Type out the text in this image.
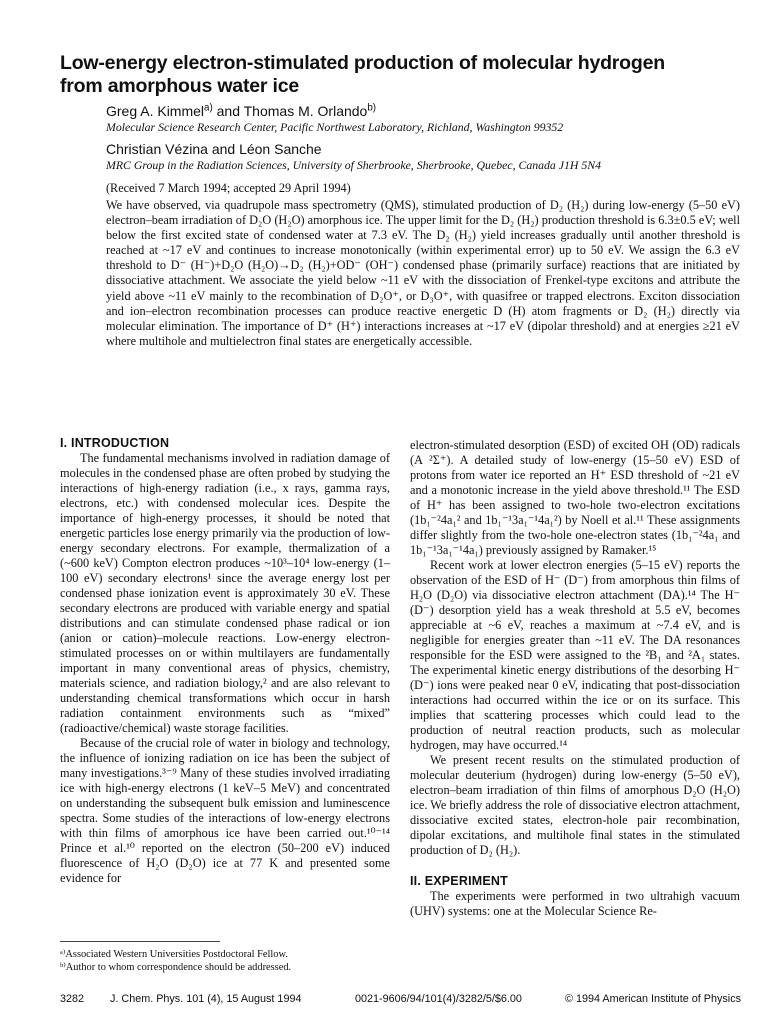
Low-energy electron-stimulated production of molecular hydrogen from amorphous water ice
Greg A. Kimmel$^{a)}$ and Thomas M. Orlando$^{b)}$
Molecular Science Research Center, Pacific Northwest Laboratory, Richland, Washington 99352
Christian Vézina and Léon Sanche
MRC Group in the Radiation Sciences, University of Sherbrooke, Sherbrooke, Quebec, Canada J1H 5N4
(Received 7 March 1994; accepted 29 April 1994)
We have observed, via quadrupole mass spectrometry (QMS), stimulated production of D₂ (H₂) during low-energy (5–50 eV) electron–beam irradiation of D₂O (H₂O) amorphous ice. The upper limit for the D₂ (H₂) production threshold is 6.3±0.5 eV; well below the first excited state of condensed water at 7.3 eV. The D₂ (H₂) yield increases gradually until another threshold is reached at ~17 eV and continues to increase monotonically (within experimental error) up to 50 eV. We assign the 6.3 eV threshold to D⁻ (H⁻)+D₂O (H₂O)→D₂ (H₂)+OD⁻ (OH⁻) condensed phase (primarily surface) reactions that are initiated by dissociative attachment. We associate the yield below ~11 eV with the dissociation of Frenkel-type excitons and attribute the yield above ~11 eV mainly to the recombination of D₂O⁺, or D₃O⁺, with quasifree or trapped electrons. Exciton dissociation and ion–electron recombination processes can produce reactive energetic D (H) atom fragments or D₂ (H₂) directly via molecular elimination. The importance of D⁺ (H⁺) interactions increases at ~17 eV (dipolar threshold) and at energies ≥21 eV where multihole and multielectron final states are energetically accessible.

I. INTRODUCTION

The fundamental mechanisms involved in radiation damage of molecules in the condensed phase are often probed by studying the interactions of high-energy radiation (i.e., x rays, gamma rays, electrons, etc.) with condensed molecular ices. Despite the importance of high-energy processes, it should be noted that energetic particles lose energy primarily via the production of low-energy secondary electrons. For example, thermalization of a (~600 keV) Compton electron produces ~10³–10⁴ low-energy (1–100 eV) secondary electrons¹ since the average energy lost per condensed phase ionization event is approximately 30 eV. These secondary electrons are produced with variable energy and spatial distributions and can stimulate condensed phase radical or ion (anion or cation)–molecule reactions. Low-energy electron-stimulated processes on or within multilayers are fundamentally important in many conventional areas of physics, chemistry, materials science, and radiation biology,² and are also relevant to understanding chemical transformations which occur in harsh radiation containment environments such as “mixed” (radioactive/chemical) waste storage facilities.

Because of the crucial role of water in biology and technology, the influence of ionizing radiation on ice has been the subject of many investigations.³⁻⁹ Many of these studies involved irradiating ice with high-energy electrons (1 keV–5 MeV) and concentrated on understanding the subsequent bulk emission and luminescence spectra. Some studies of the interactions of low-energy electrons with thin films of amorphous ice have been carried out.¹⁰⁻¹⁴ Prince et al.¹⁰ reported on the electron (50–200 eV) induced fluorescence of H₂O (D₂O) ice at 77 K and presented some evidence for

electron-stimulated desorption (ESD) of excited OH (OD) radicals (A ²Σ⁺). A detailed study of low-energy (15–50 eV) ESD of protons from water ice reported an H⁺ ESD threshold of ~21 eV and a monotonic increase in the yield above threshold.¹¹ The ESD of H⁺ has been assigned to two-hole two-electron excitations (1b₁⁻²4a₁² and 1b₁⁻¹3a₁⁻¹4a₁²) by Noell et al.¹¹ These assignments differ slightly from the two-hole one-electron states (1b₁⁻²4a₁ and 1b₁⁻¹3a₁⁻¹4a₁) previously assigned by Ramaker.¹⁵

Recent work at lower electron energies (5–15 eV) reports the observation of the ESD of H⁻ (D⁻) from amorphous thin films of H₂O (D₂O) via dissociative electron attachment (DA).¹⁴ The H⁻ (D⁻) desorption yield has a weak threshold at 5.5 eV, becomes appreciable at ~6 eV, reaches a maximum at ~7.4 eV, and is negligible for energies greater than ~11 eV. The DA resonances responsible for the ESD were assigned to the ²B₁ and ²A₁ states. The experimental kinetic energy distributions of the desorbing H⁻ (D⁻) ions were peaked near 0 eV, indicating that post-dissociation interactions had occurred within the ice or on its surface. This implies that scattering processes which could lead to the production of neutral reaction products, such as molecular hydrogen, may have occurred.¹⁴

We present recent results on the stimulated production of molecular deuterium (hydrogen) during low-energy (5–50 eV), electron–beam irradiation of thin films of amorphous D₂O (H₂O) ice. We briefly address the role of dissociative electron attachment, dissociative excited states, electron-hole pair recombination, dipolar excitations, and multihole final states in the stimulated production of D₂ (H₂).

II. EXPERIMENT

The experiments were performed in two ultrahigh vacuum (UHV) systems: one at the Molecular Science Re-

ᵃ⁾Associated Western Universities Postdoctoral Fellow.
ᵇ⁾Author to whom correspondence should be addressed.
3282 J. Chem. Phys. 101 (4), 15 August 1994	0021-9606/94/101(4)/3282/5/$6.00	© 1994 American Institute of Physics
